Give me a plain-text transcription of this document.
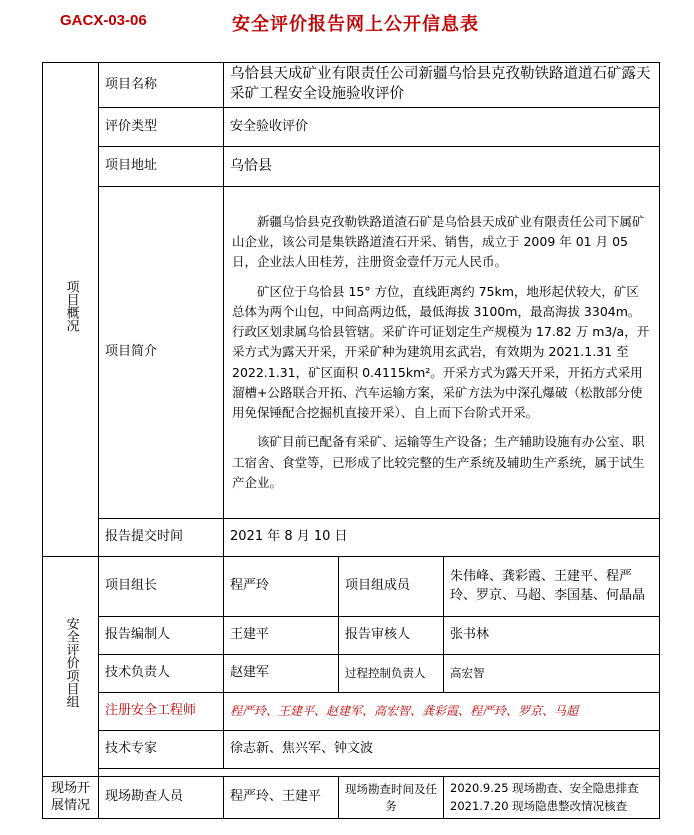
GACX-03-06	安全评价报告网上公开信息表
项目概况	项目名称	乌恰县天成矿业有限责任公司新疆乌恰县克孜勒铁路道道石矿露天采矿工程安全设施验收评价		
	评价类型	安全验收评价		
	项目地址	乌恰县		
	项目简介	新疆乌恰县克孜勒铁路道渣石矿是乌恰县天成矿业有限责任公司下属矿山企业，该公司是集铁路道渣石开采、销售，成立于 2009 年 01 月 05 日，企业法人田桂芳，注册资金壹仟万元人民币。

矿区位于乌恰县 15° 方位，直线距离约 75km，地形起伏较大，矿区总体为两个山包，中间高两边低，最低海拔 3100m，最高海拔 3304m。行政区划隶属乌恰县管辖。采矿许可证划定生产规模为 17.82 万 m3/a，开采方式为露天开采，开采矿种为建筑用玄武岩，有效期为 2021.1.31 至 2022.1.31，矿区面积 0.4115km²。开采方式为露天开采，开拓方式采用溜槽+公路联合开拓、汽车运输方案，采矿方法为中深孔爆破（松散部分使用免保锤配合挖掘机直接开采）、自上而下台阶式开采。

该矿目前已配备有采矿、运输等生产设备；生产辅助设施有办公室、职工宿舍、食堂等，已形成了比较完整的生产系统及辅助生产系统，属于试生产企业。		

	报告提交时间	2021 年 8 月 10 日		
安全评价项目组	项目组长	程严玲	项目组成员	朱伟峰、龚彩霞、王建平、程严玲、罗京、马超、李国基、何晶晶
	报告编制人	王建平	报告审核人	张书林
	技术负责人	赵建军	过程控制负责人	高宏智
	注册安全工程师	程严玲、王建平、赵建军、高宏智、龚彩霞、程严玲、罗京、马超		
	技术专家	徐志新、焦兴军、钟文波		

现场开展情况	现场勘查人员	程严玲、王建平	现场勘查时间及任务	2020.9.25 现场勘查、安全隐患排查
2021.7.20 现场隐患整改情况核查
